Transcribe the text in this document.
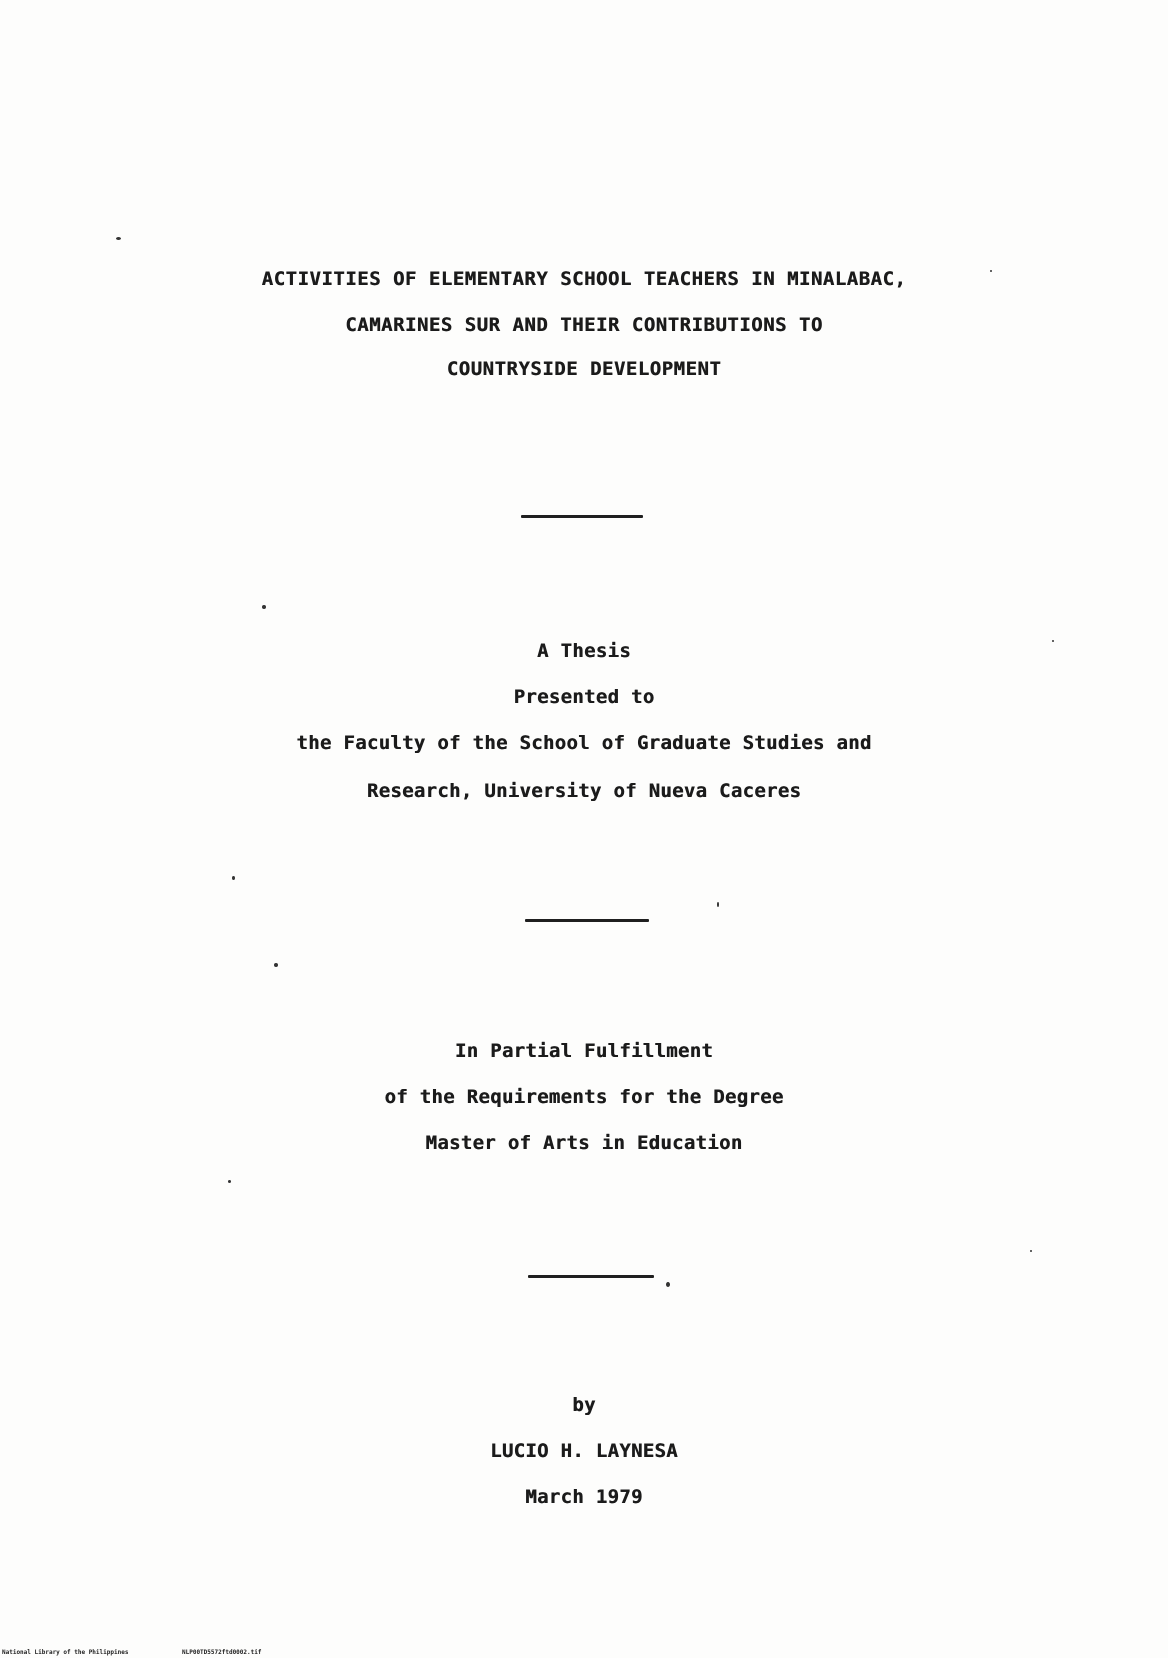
ACTIVITIES OF ELEMENTARY SCHOOL TEACHERS IN MINALABAC,
CAMARINES SUR AND THEIR CONTRIBUTIONS TO
COUNTRYSIDE DEVELOPMENT
A Thesis
Presented to
the Faculty of the School of Graduate Studies and
Research, University of Nueva Caceres
In Partial Fulfillment
of the Requirements for the Degree
Master of Arts in Education
by
LUCIO H. LAYNESA
March 1979
National Library of the Philippines	NLP00TD5572ftd0002.tif
